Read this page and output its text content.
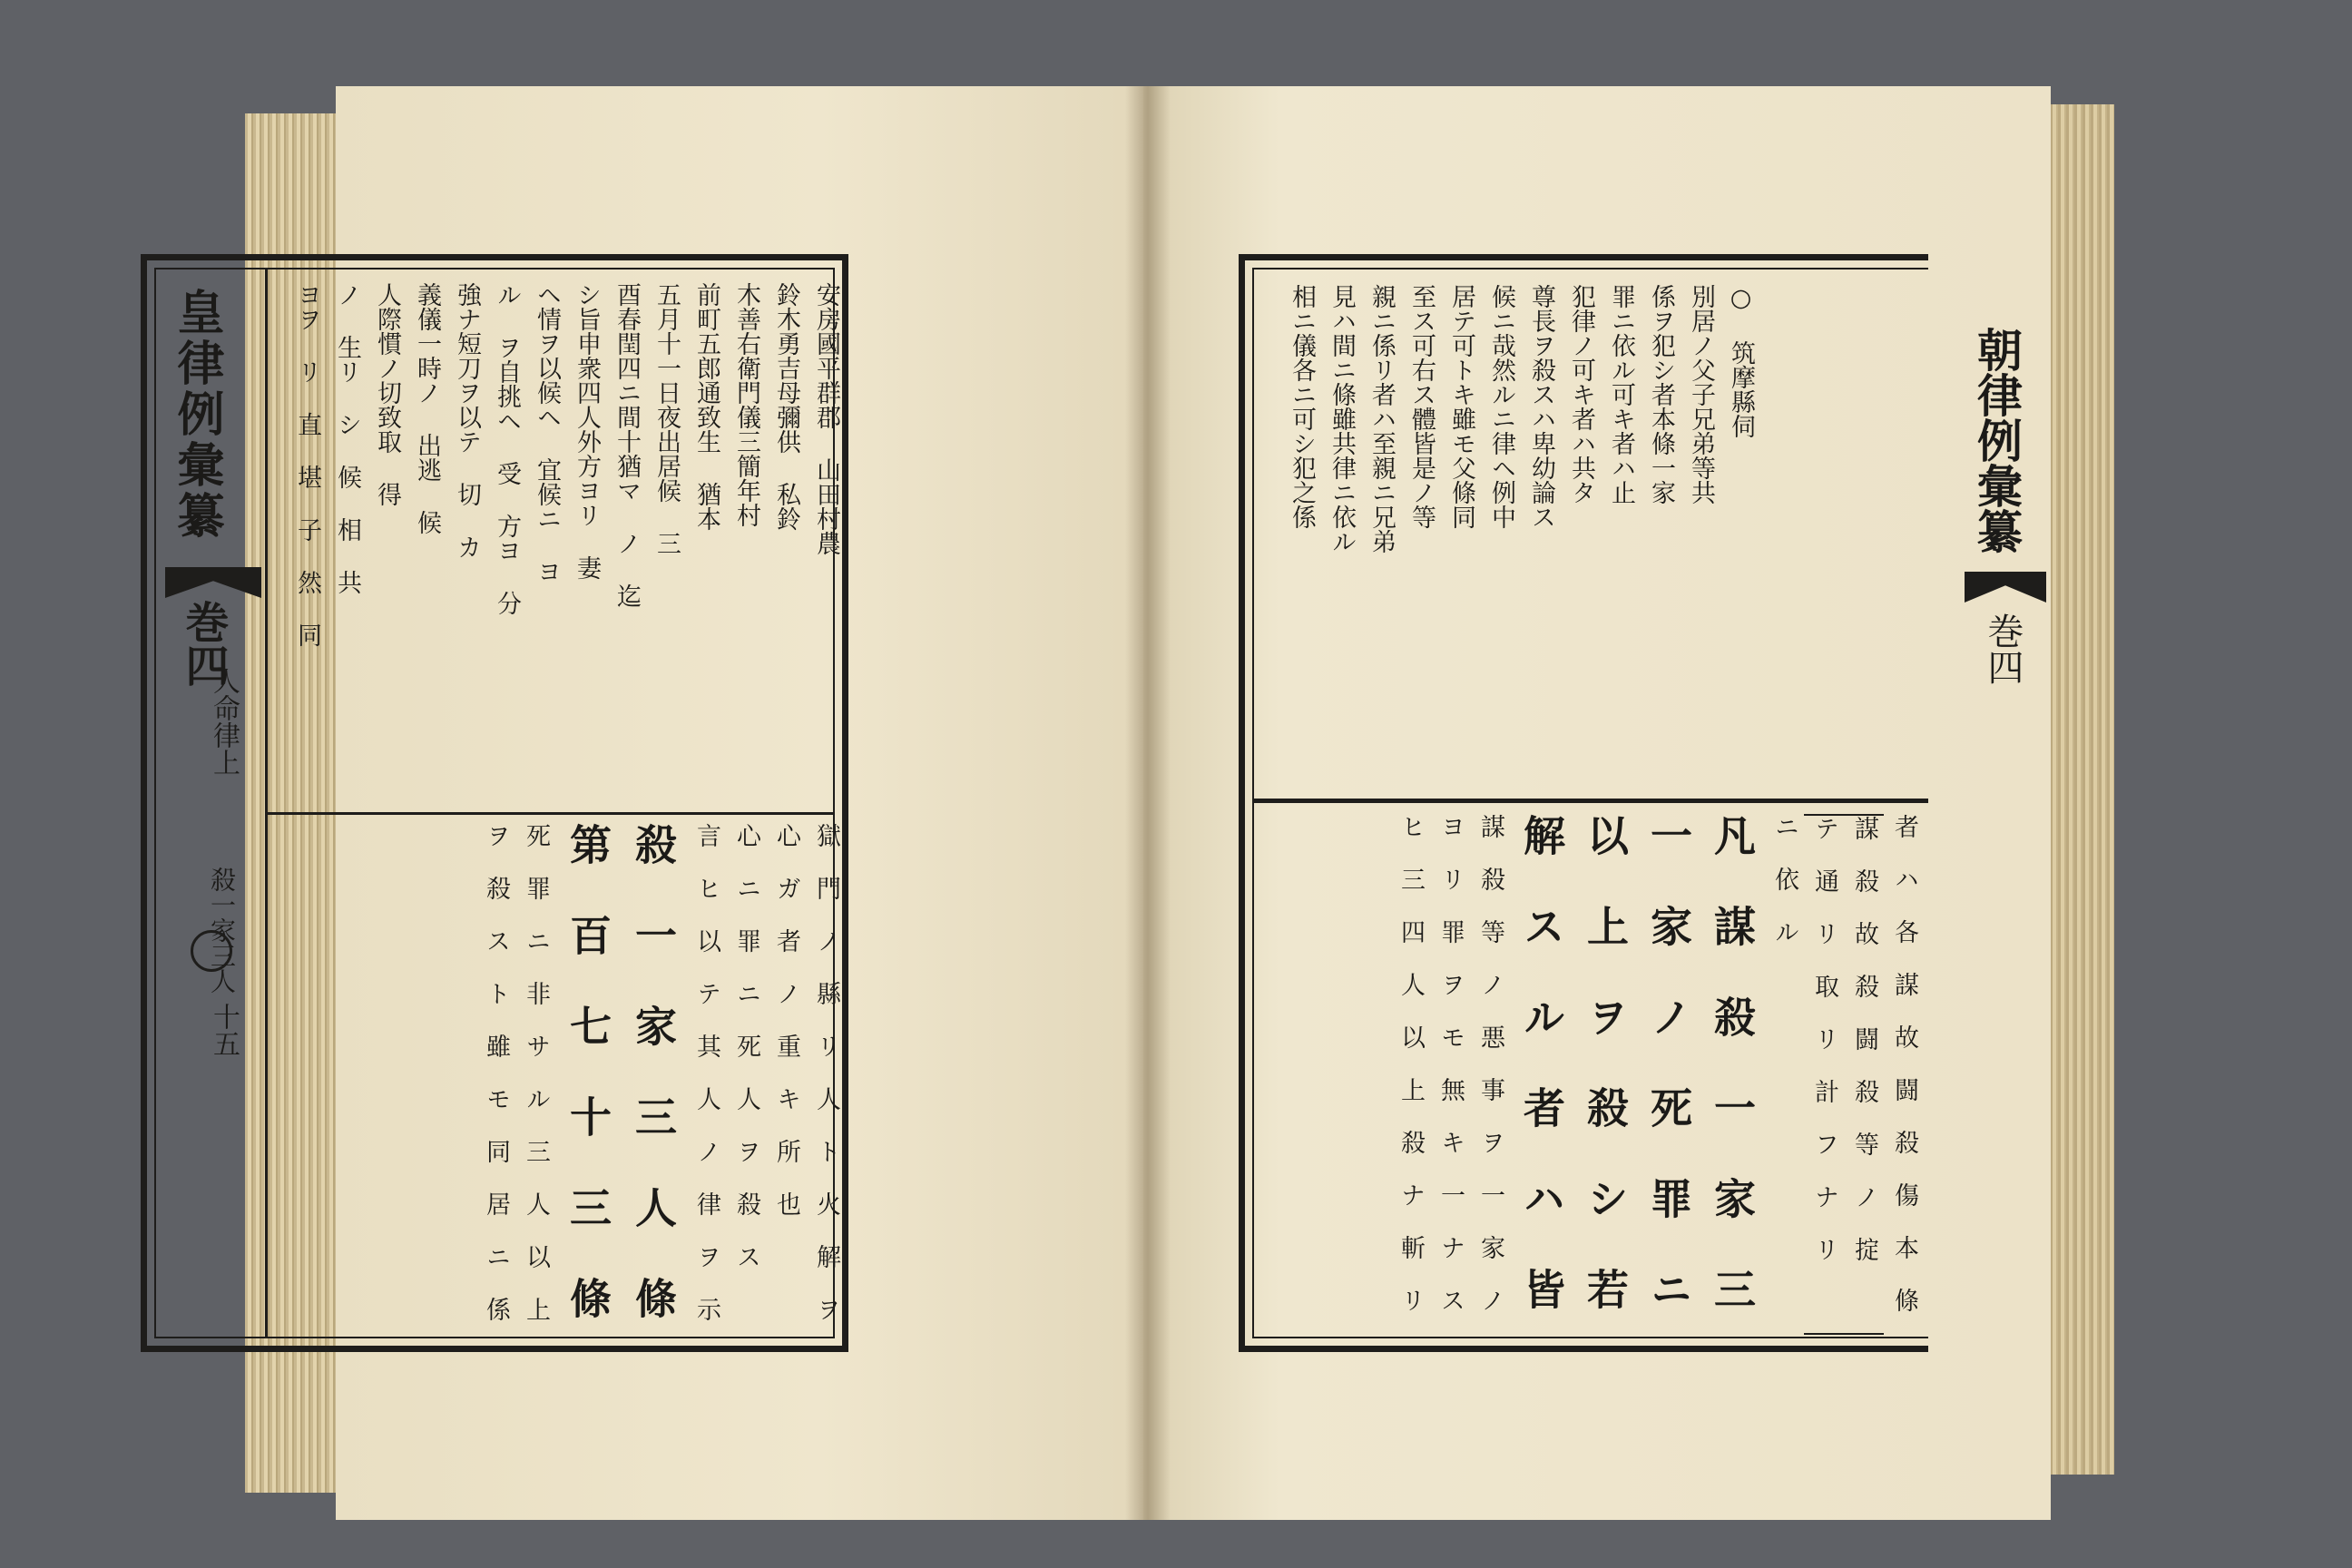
皇律例彙纂
巻四
人命律上
殺一家三人
十五
安房國平群郡 山田村農
鈴木勇吉母彌供 私鈴
木善右衛門儀三簡年村
前町五郎通致生 猶本
五月十一日夜出居候 三
酉春閏四ニ間十猶マ ノ 迄
シ旨申衆四人外方ヨリ 妻
ヘ情ヲ以候ヘ 宜候ニ ヨ
ル ヲ自挑ヘ 受 方ヨ 分
強ナ短刀ヲ以テ 切 カ
義儀一時ノ 出逃 候
人際慣ノ切致取 得
ノ 生リ シ 候 相 共
ヨヲ リ 直 堪 子 然 同
獄 門 ノ 縣 リ 人 ト 火 解 ヲ
心 ガ 者 ノ 重 キ 所 也
心 ニ 罪 ニ 死 人 ヲ 殺 ス
言 ヒ 以 テ 其 人 ノ 律 ヲ 示
殺 一 家 三 人 條
第 百 七 十 三 條
死 罪 ニ 非 サ ル 三 人 以 上
ヲ 殺 ス ト 雖 モ 同 居 ニ 係
○ 筑摩縣伺
別居ノ父子兄弟等共
係ヲ犯シ者本條一家
罪ニ依ル可キ者ハ止
犯律ノ可キ者ハ共タ
尊長ヲ殺スハ卑幼論ス
候ニ哉然ルニ律ヘ例中
居テ可トキ雖モ父條同
至ス可右ス體皆是ノ等
親ニ係リ者ハ至親ニ兄弟
見ハ間ニ條雖共律ニ依ル
相ニ儀各ニ可シ犯之係
者 ハ 各 謀 故 闘 殺 傷 本 條
謀 殺 故 殺 闘 殺 等 ノ 掟
テ 通 リ 取 リ 計 フ ナ リ
ニ 依 ル
凡 謀 殺 一 家 三
一 家 ノ 死 罪 ニ
以 上 ヲ 殺 シ 若
解 ス ル 者 ハ 皆
謀 殺 等 ノ 悪 事 ヲ 一 家 ノ
ヨ リ 罪 ヲ モ 無 キ 一 ナ ス
ヒ 三 四 人 以 上 殺 ナ 斬 リ
朝律例彙纂
巻四
